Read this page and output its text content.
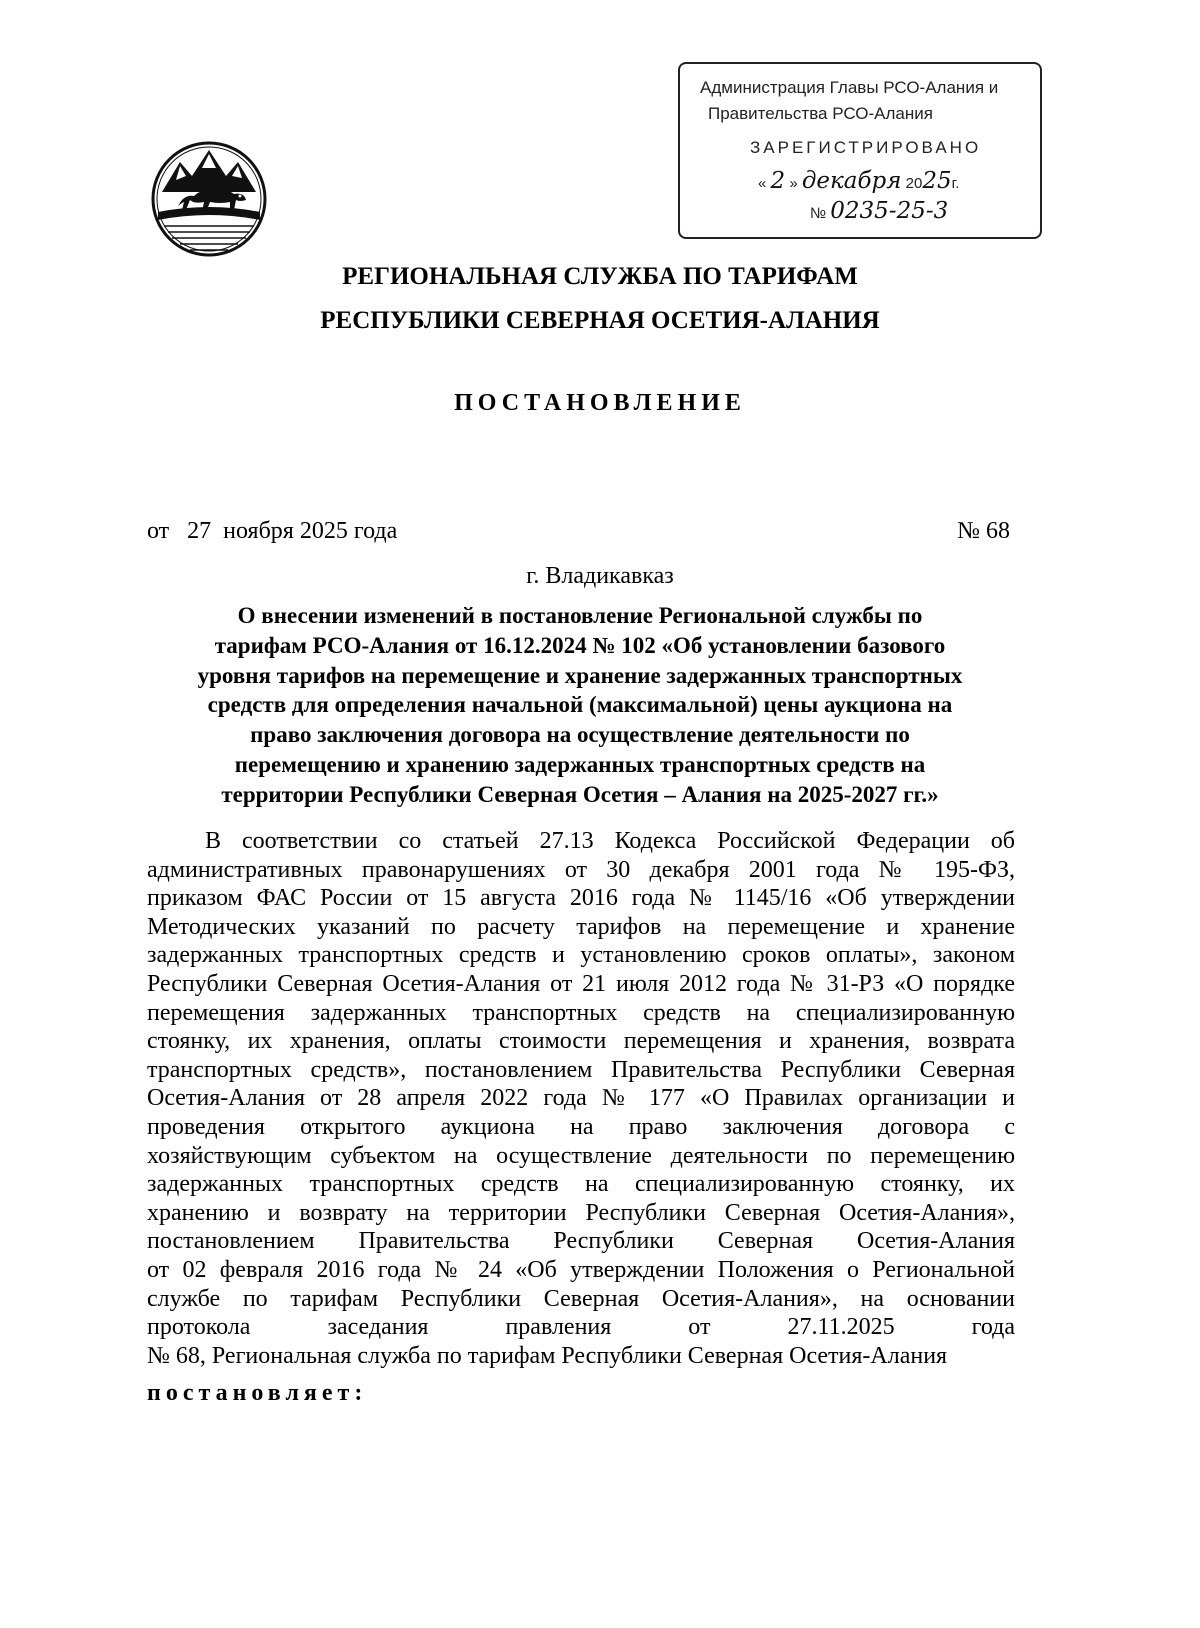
Администрация Главы РСО-Алания и
Правительства РСО-Алания
ЗАРЕГИСТРИРОВАНО
« 2 » декабря 2025г.
№ 0235-25-3
РЕГИОНАЛЬНАЯ СЛУЖБА ПО ТАРИФАМ
РЕСПУБЛИКИ СЕВЕРНАЯ ОСЕТИЯ-АЛАНИЯ
ПОСТАНОВЛЕНИЕ
от   27  ноября 2025 года	№ 68
г. Владикавказ
О внесении изменений в постановление Региональной службы по
тарифам РСО-Алания от 16.12.2024 № 102 «Об установлении базового
уровня тарифов на перемещение и хранение задержанных транспортных
средств для определения начальной (максимальной) цены аукциона на
право заключения договора на осуществление деятельности по
перемещению и хранению задержанных транспортных средств на
территории Республики Северная Осетия – Алания на 2025-2027 гг.»
В соответствии со статьей 27.13 Кодекса Российской Федерации об
административных правонарушениях от 30 декабря 2001 года № 195-ФЗ,
приказом ФАС России от 15 августа 2016 года № 1145/16 «Об утверждении
Методических указаний по расчету тарифов на перемещение и хранение
задержанных транспортных средств и установлению сроков оплаты», законом
Республики Северная Осетия-Алания от 21 июля 2012 года № 31-РЗ «О порядке
перемещения задержанных транспортных средств на специализированную
стоянку, их хранения, оплаты стоимости перемещения и хранения, возврата
транспортных средств», постановлением Правительства Республики Северная
Осетия-Алания от 28 апреля 2022 года № 177 «О Правилах организации и
проведения открытого аукциона на право заключения договора с
хозяйствующим субъектом на осуществление деятельности по перемещению
задержанных транспортных средств на специализированную стоянку, их
хранению и возврату на территории Республики Северная Осетия-Алания»,
постановлением Правительства Республики Северная Осетия-Алания
от 02 февраля 2016 года № 24 «Об утверждении Положения о Региональной
службе по тарифам Республики Северная Осетия-Алания», на основании
протокола заседания правления от 27.11.2025 года
№ 68, Региональная служба по тарифам Республики Северная Осетия-Алания
постановляет:
